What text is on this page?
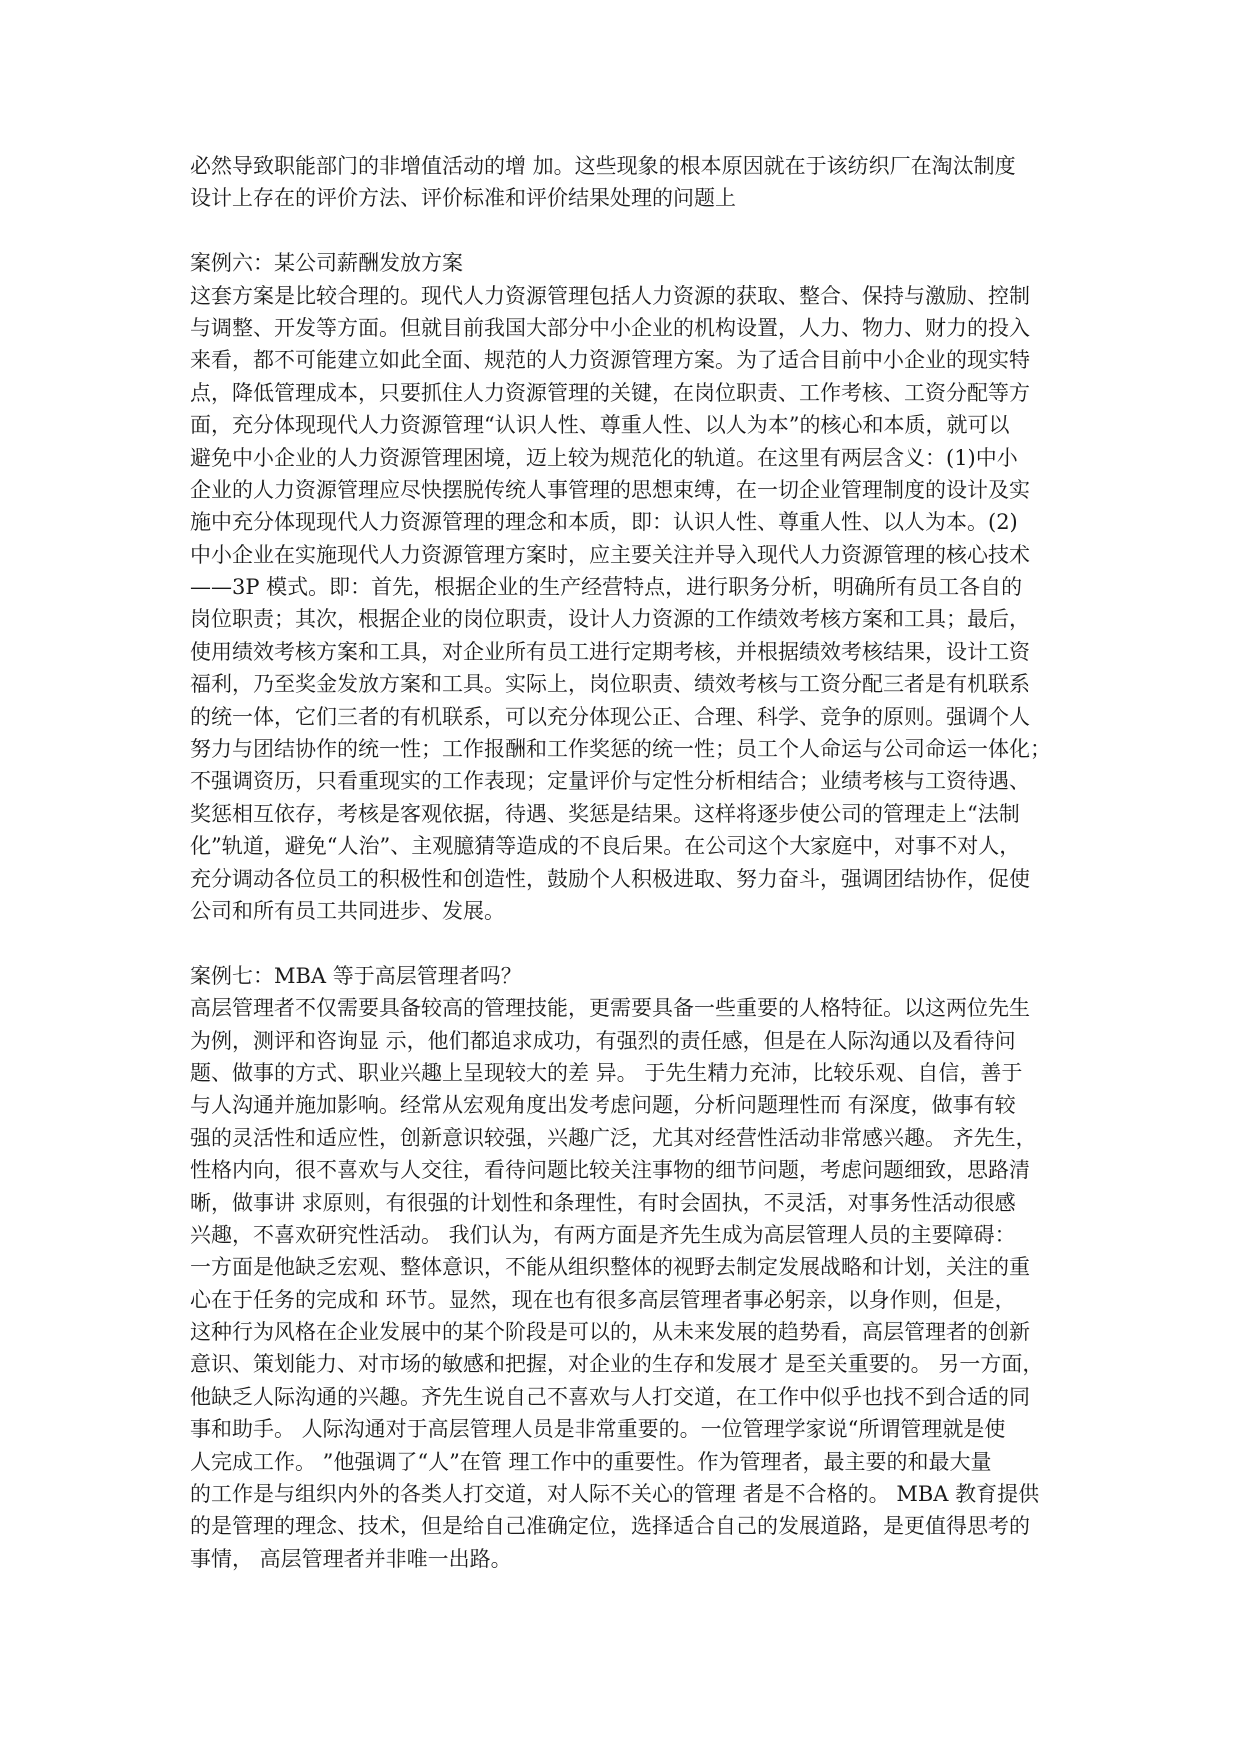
必然导致职能部门的非增值活动的增 加。这些现象的根本原因就在于该纺织厂在淘汰制度
设计上存在的评价方法、评价标准和评价结果处理的问题上
案例六：某公司薪酬发放方案
这套方案是比较合理的。现代人力资源管理包括人力资源的获取、整合、保持与激励、控制
与调整、开发等方面。但就目前我国大部分中小企业的机构设置，人力、物力、财力的投入
来看，都不可能建立如此全面、规范的人力资源管理方案。为了适合目前中小企业的现实特
点，降低管理成本，只要抓住人力资源管理的关键，在岗位职责、工作考核、工资分配等方
面，充分体现现代人力资源管理“认识人性、尊重人性、以人为本”的核心和本质，就可以
避免中小企业的人力资源管理困境，迈上较为规范化的轨道。在这里有两层含义：(1)中小
企业的人力资源管理应尽快摆脱传统人事管理的思想束缚，在一切企业管理制度的设计及实
施中充分体现现代人力资源管理的理念和本质，即：认识人性、尊重人性、以人为本。(2)
中小企业在实施现代人力资源管理方案时，应主要关注并导入现代人力资源管理的核心技术
——3P 模式。即：首先，根据企业的生产经营特点，进行职务分析，明确所有员工各自的
岗位职责；其次，根据企业的岗位职责，设计人力资源的工作绩效考核方案和工具；最后，
使用绩效考核方案和工具，对企业所有员工进行定期考核，并根据绩效考核结果，设计工资
福利，乃至奖金发放方案和工具。实际上，岗位职责、绩效考核与工资分配三者是有机联系
的统一体，它们三者的有机联系，可以充分体现公正、合理、科学、竞争的原则。强调个人
努力与团结协作的统一性；工作报酬和工作奖惩的统一性；员工个人命运与公司命运一体化；
不强调资历，只看重现实的工作表现；定量评价与定性分析相结合；业绩考核与工资待遇、
奖惩相互依存，考核是客观依据，待遇、奖惩是结果。这样将逐步使公司的管理走上“法制
化”轨道，避免“人治”、主观臆猜等造成的不良后果。在公司这个大家庭中，对事不对人，
充分调动各位员工的积极性和创造性，鼓励个人积极进取、努力奋斗，强调团结协作，促使
公司和所有员工共同进步、发展。
案例七：MBA 等于高层管理者吗？
高层管理者不仅需要具备较高的管理技能，更需要具备一些重要的人格特征。以这两位先生
为例，测评和咨询显 示，他们都追求成功，有强烈的责任感，但是在人际沟通以及看待问
题、做事的方式、职业兴趣上呈现较大的差 异。 于先生精力充沛，比较乐观、自信，善于
与人沟通并施加影响。经常从宏观角度出发考虑问题，分析问题理性而 有深度，做事有较
强的灵活性和适应性，创新意识较强，兴趣广泛，尤其对经营性活动非常感兴趣。 齐先生，
性格内向，很不喜欢与人交往，看待问题比较关注事物的细节问题，考虑问题细致，思路清
晰，做事讲 求原则，有很强的计划性和条理性，有时会固执，不灵活，对事务性活动很感
兴趣，不喜欢研究性活动。 我们认为，有两方面是齐先生成为高层管理人员的主要障碍：
一方面是他缺乏宏观、整体意识，不能从组织整体的视野去制定发展战略和计划，关注的重
心在于任务的完成和 环节。显然，现在也有很多高层管理者事必躬亲，以身作则，但是，
这种行为风格在企业发展中的某个阶段是可以的，从未来发展的趋势看，高层管理者的创新
意识、策划能力、对市场的敏感和把握，对企业的生存和发展才 是至关重要的。 另一方面，
他缺乏人际沟通的兴趣。齐先生说自己不喜欢与人打交道，在工作中似乎也找不到合适的同
事和助手。 人际沟通对于高层管理人员是非常重要的。一位管理学家说“所谓管理就是使
人完成工作。 ”他强调了“人”在管 理工作中的重要性。作为管理者，最主要的和最大量
的工作是与组织内外的各类人打交道，对人际不关心的管理 者是不合格的。 MBA 教育提供
的是管理的理念、技术，但是给自己准确定位，选择适合自己的发展道路，是更值得思考的
事情， 高层管理者并非唯一出路。
